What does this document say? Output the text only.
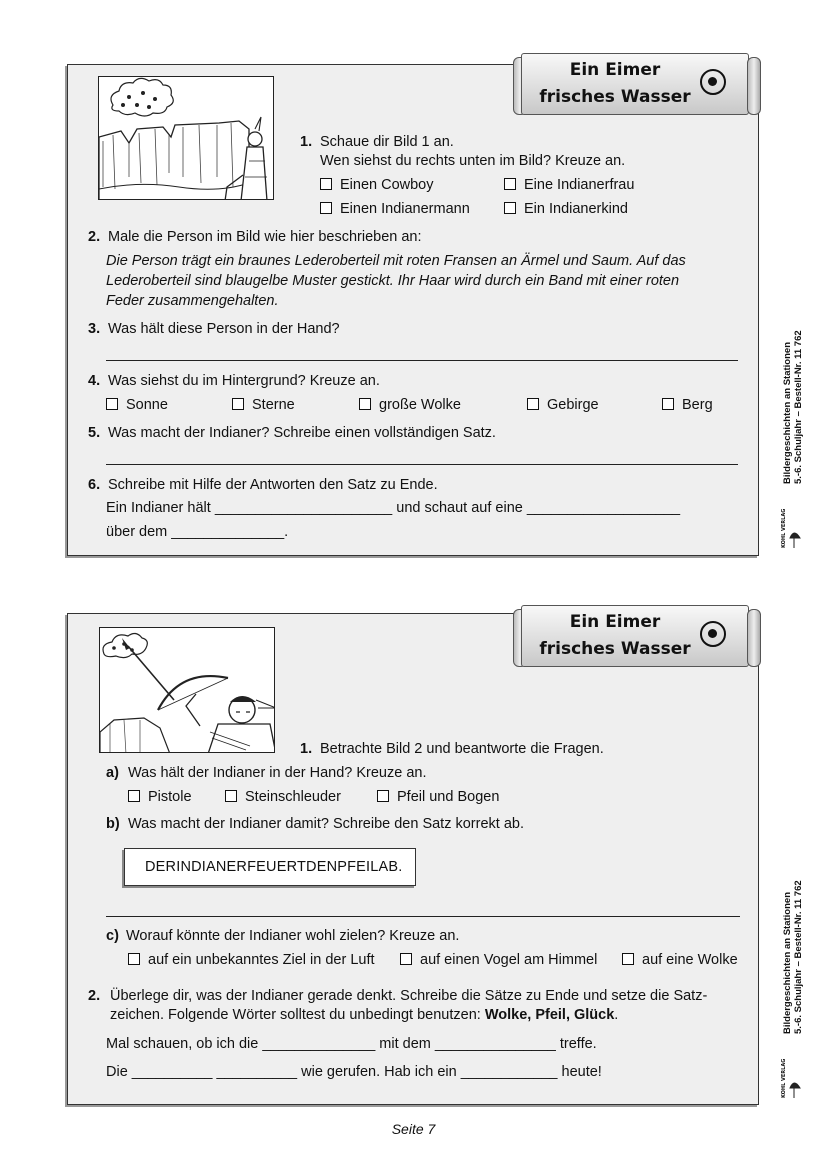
Ein Eimer
frisches Wasser
1. Schaue dir Bild 1 an.
Wen siehst du rechts unten im Bild? Kreuze an.
Einen Cowboy	Eine Indianerfrau
Einen Indianermann	Ein Indianerkind
2. Male die Person im Bild wie hier beschrieben an:
Die Person trägt ein braunes Lederoberteil mit roten Fransen an Ärmel und Saum. Auf das
Lederoberteil sind blaugelbe Muster gestickt. Ihr Haar wird durch ein Band mit einer roten
Feder zusammengehalten.
3. Was hält diese Person in der Hand?
4. Was siehst du im Hintergrund? Kreuze an.
Sonne	Sterne	große Wolke	Gebirge	Berg
5. Was macht der Indianer? Schreibe einen vollständigen Satz.
6. Schreibe mit Hilfe der Antworten den Satz zu Ende.
Ein Indianer hält ______________________ und schaut auf eine ___________________
über dem ______________.
Ein Eimer
frisches Wasser
1. Betrachte Bild 2 und beantworte die Fragen.
a) Was hält der Indianer in der Hand? Kreuze an.
Pistole	Steinschleuder	Pfeil und Bogen
b) Was macht der Indianer damit? Schreibe den Satz korrekt ab.
DERINDIANERFEUERTDENPFEILAB.
c) Worauf könnte der Indianer wohl zielen? Kreuze an.
auf ein unbekanntes Ziel in der Luft	auf einen Vogel am Himmel	auf eine Wolke
2. Überlege dir, was der Indianer gerade denkt. Schreibe die Sätze zu Ende und setze die Satz-
zeichen. Folgende Wörter solltest du unbedingt benutzen: Wolke, Pfeil, Glück.
Mal schauen, ob ich die ______________ mit dem _______________ treffe.
Die __________ __________ wie gerufen. Hab ich ein ____________ heute!
Bildergeschichten an Stationen 5.-6. Schuljahr – Bestell-Nr. 11 762
KOHL VERLAG
Bildergeschichten an Stationen 5.-6. Schuljahr – Bestell-Nr. 11 762
KOHL VERLAG
Seite 7
